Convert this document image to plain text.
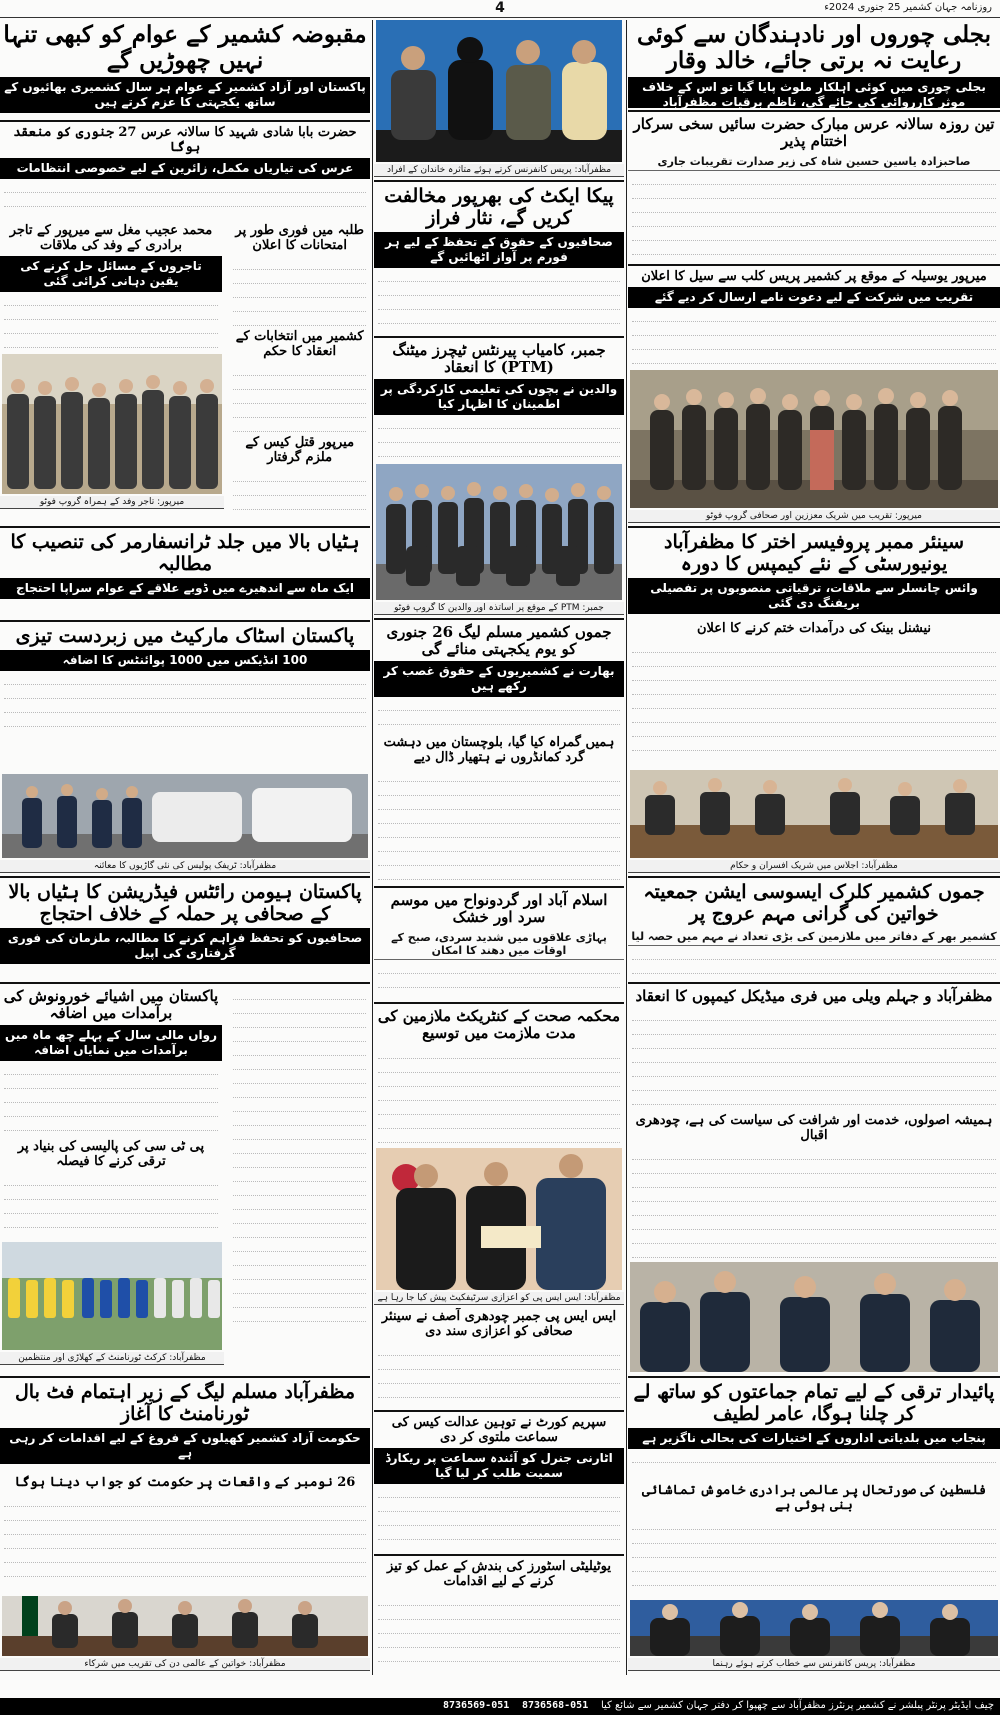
4	روزنامہ جہان کشمیر 25 جنوری 2024ء
بجلی چوروں اور نادہندگان سے کوئی رعایت نہ برتی جائے، خالد وقار
بجلی چوری میں کوئی اہلکار ملوث پایا گیا تو اس کے خلاف موثر کارروائی کی جائے گی، ناظم برقیات مظفرآباد
تین روزہ سالانہ عرس مبارک حضرت سائیں سخی سرکار اختتام پذیر
صاحبزادہ یاسین حسین شاہ کی زیر صدارت تقریبات جاری
میرپور یوسیلہ کے موقع پر کشمیر پریس کلب سے سیل کا اعلان
تقریب میں شرکت کے لیے دعوت نامے ارسال کر دیے گئے
میرپور: تقریب میں شریک معززین اور صحافی گروپ فوٹو
سینئر ممبر پروفیسر اختر کا مظفرآباد یونیورسٹی کے نئے کیمپس کا دورہ
وائس چانسلر سے ملاقات، ترقیاتی منصوبوں پر تفصیلی بریفنگ دی گئی
نیشنل بینک کی درآمدات ختم کرنے کا اعلان
مظفرآباد: اجلاس میں شریک افسران و حکام
جموں کشمیر کلرک ایسوسی ایشن جمعیتہ خواتین کی گرانی مہم عروج پر
کشمیر بھر کے دفاتر میں ملازمین کی بڑی تعداد نے مہم میں حصہ لیا
مظفرآباد و جہلم ویلی میں فری میڈیکل کیمپوں کا انعقاد
ہمیشہ اصولوں، خدمت اور شرافت کی سیاست کی ہے، چودھری اقبال
پائیدار ترقی کے لیے تمام جماعتوں کو ساتھ لے کر چلنا ہوگا، عامر لطیف
پنجاب میں بلدیاتی اداروں کے اختیارات کی بحالی ناگزیر ہے
فلسطین کی صورتحال پر عالمی برادری خاموش تماشائی بنی ہوئی ہے
مظفرآباد: پریس کانفرنس سے خطاب کرتے ہوئے رہنما
مظفرآباد: پریس کانفرنس کرتے ہوئے متاثرہ خاندان کے افراد
پیکا ایکٹ کی بھرپور مخالفت کریں گے، نثار فراز
صحافیوں کے حقوق کے تحفظ کے لیے ہر فورم پر آواز اٹھائیں گے
جمبر، کامیاب پیرنٹس ٹیچرز میٹنگ (PTM) کا انعقاد
والدین نے بچوں کی تعلیمی کارکردگی پر اطمینان کا اظہار کیا
جمبر: PTM کے موقع پر اساتذہ اور والدین کا گروپ فوٹو
جموں کشمیر مسلم لیگ 26 جنوری کو یوم یکجہتی منائے گی
بھارت نے کشمیریوں کے حقوق غصب کر رکھے ہیں
ہمیں گمراہ کیا گیا، بلوچستان میں دہشت گرد کمانڈروں نے ہتھیار ڈال دیے
اسلام آباد اور گردونواح میں موسم سرد اور خشک
پہاڑی علاقوں میں شدید سردی، صبح کے اوقات میں دھند کا امکان
محکمہ صحت کے کنٹریکٹ ملازمین کی مدت ملازمت میں توسیع
مظفرآباد: ایس ایس پی کو اعزازی سرٹیفکیٹ پیش کیا جا رہا ہے
ایس ایس پی جمبر چودھری آصف نے سینئر صحافی کو اعزازی سند دی
سپریم کورٹ نے توہین عدالت کیس کی سماعت ملتوی کر دی
اٹارنی جنرل کو آئندہ سماعت پر ریکارڈ سمیت طلب کر لیا گیا
یوٹیلیٹی اسٹورز کی بندش کے عمل کو تیز کرنے کے لیے اقدامات
مقبوضہ کشمیر کے عوام کو کبھی تنہا نہیں چھوڑیں گے
پاکستان اور آزاد کشمیر کے عوام ہر سال کشمیری بھائیوں کے ساتھ یکجہتی کا عزم کرتے ہیں
حضرت بابا شادی شہید کا سالانہ عرس 27 جنوری کو منعقد ہوگا
عرس کی تیاریاں مکمل، زائرین کے لیے خصوصی انتظامات
محمد عجیب مغل سے میرپور کے تاجر برادری کے وفد کی ملاقات
تاجروں کے مسائل حل کرنے کی یقین دہانی کرائی گئی
طلبہ میں فوری طور پر امتحانات کا اعلان
کشمیر میں انتخابات کے انعقاد کا حکم
میرپور قتل کیس کے ملزم گرفتار
میرپور: تاجر وفد کے ہمراہ گروپ فوٹو
ہٹیاں بالا میں جلد ٹرانسفارمر کی تنصیب کا مطالبہ
ایک ماہ سے اندھیرے میں ڈوبے علاقے کے عوام سراپا احتجاج
پاکستان اسٹاک مارکیٹ میں زبردست تیزی
100 انڈیکس میں 1000 پوائنٹس کا اضافہ
مظفرآباد: ٹریفک پولیس کی نئی گاڑیوں کا معائنہ
پاکستان ہیومن رائٹس فیڈریشن کا ہٹیاں بالا کے صحافی پر حملہ کے خلاف احتجاج
صحافیوں کو تحفظ فراہم کرنے کا مطالبہ، ملزمان کی فوری گرفتاری کی اپیل
پاکستان میں اشیائے خورونوش کی برآمدات میں اضافہ
رواں مالی سال کے پہلے چھ ماہ میں برآمدات میں نمایاں اضافہ
پی ٹی سی کی پالیسی کی بنیاد پر ترقی کرنے کا فیصلہ
مظفرآباد: کرکٹ ٹورنامنٹ کے کھلاڑی اور منتظمین
مظفرآباد مسلم لیگ کے زیر اہتمام فٹ بال ٹورنامنٹ کا آغاز
حکومت آزاد کشمیر کھیلوں کے فروغ کے لیے اقدامات کر رہی ہے
26 نومبر کے واقعات پر حکومت کو جواب دینا ہوگا
مظفرآباد: خواتین کے عالمی دن کی تقریب میں شرکاء
چیف ایڈیٹر پرنٹر پبلشر نے کشمیر پرنٹرز مظفرآباد سے چھپوا کر دفتر جہان کشمیر سے شائع کیا    051-8736568    051-8736569
